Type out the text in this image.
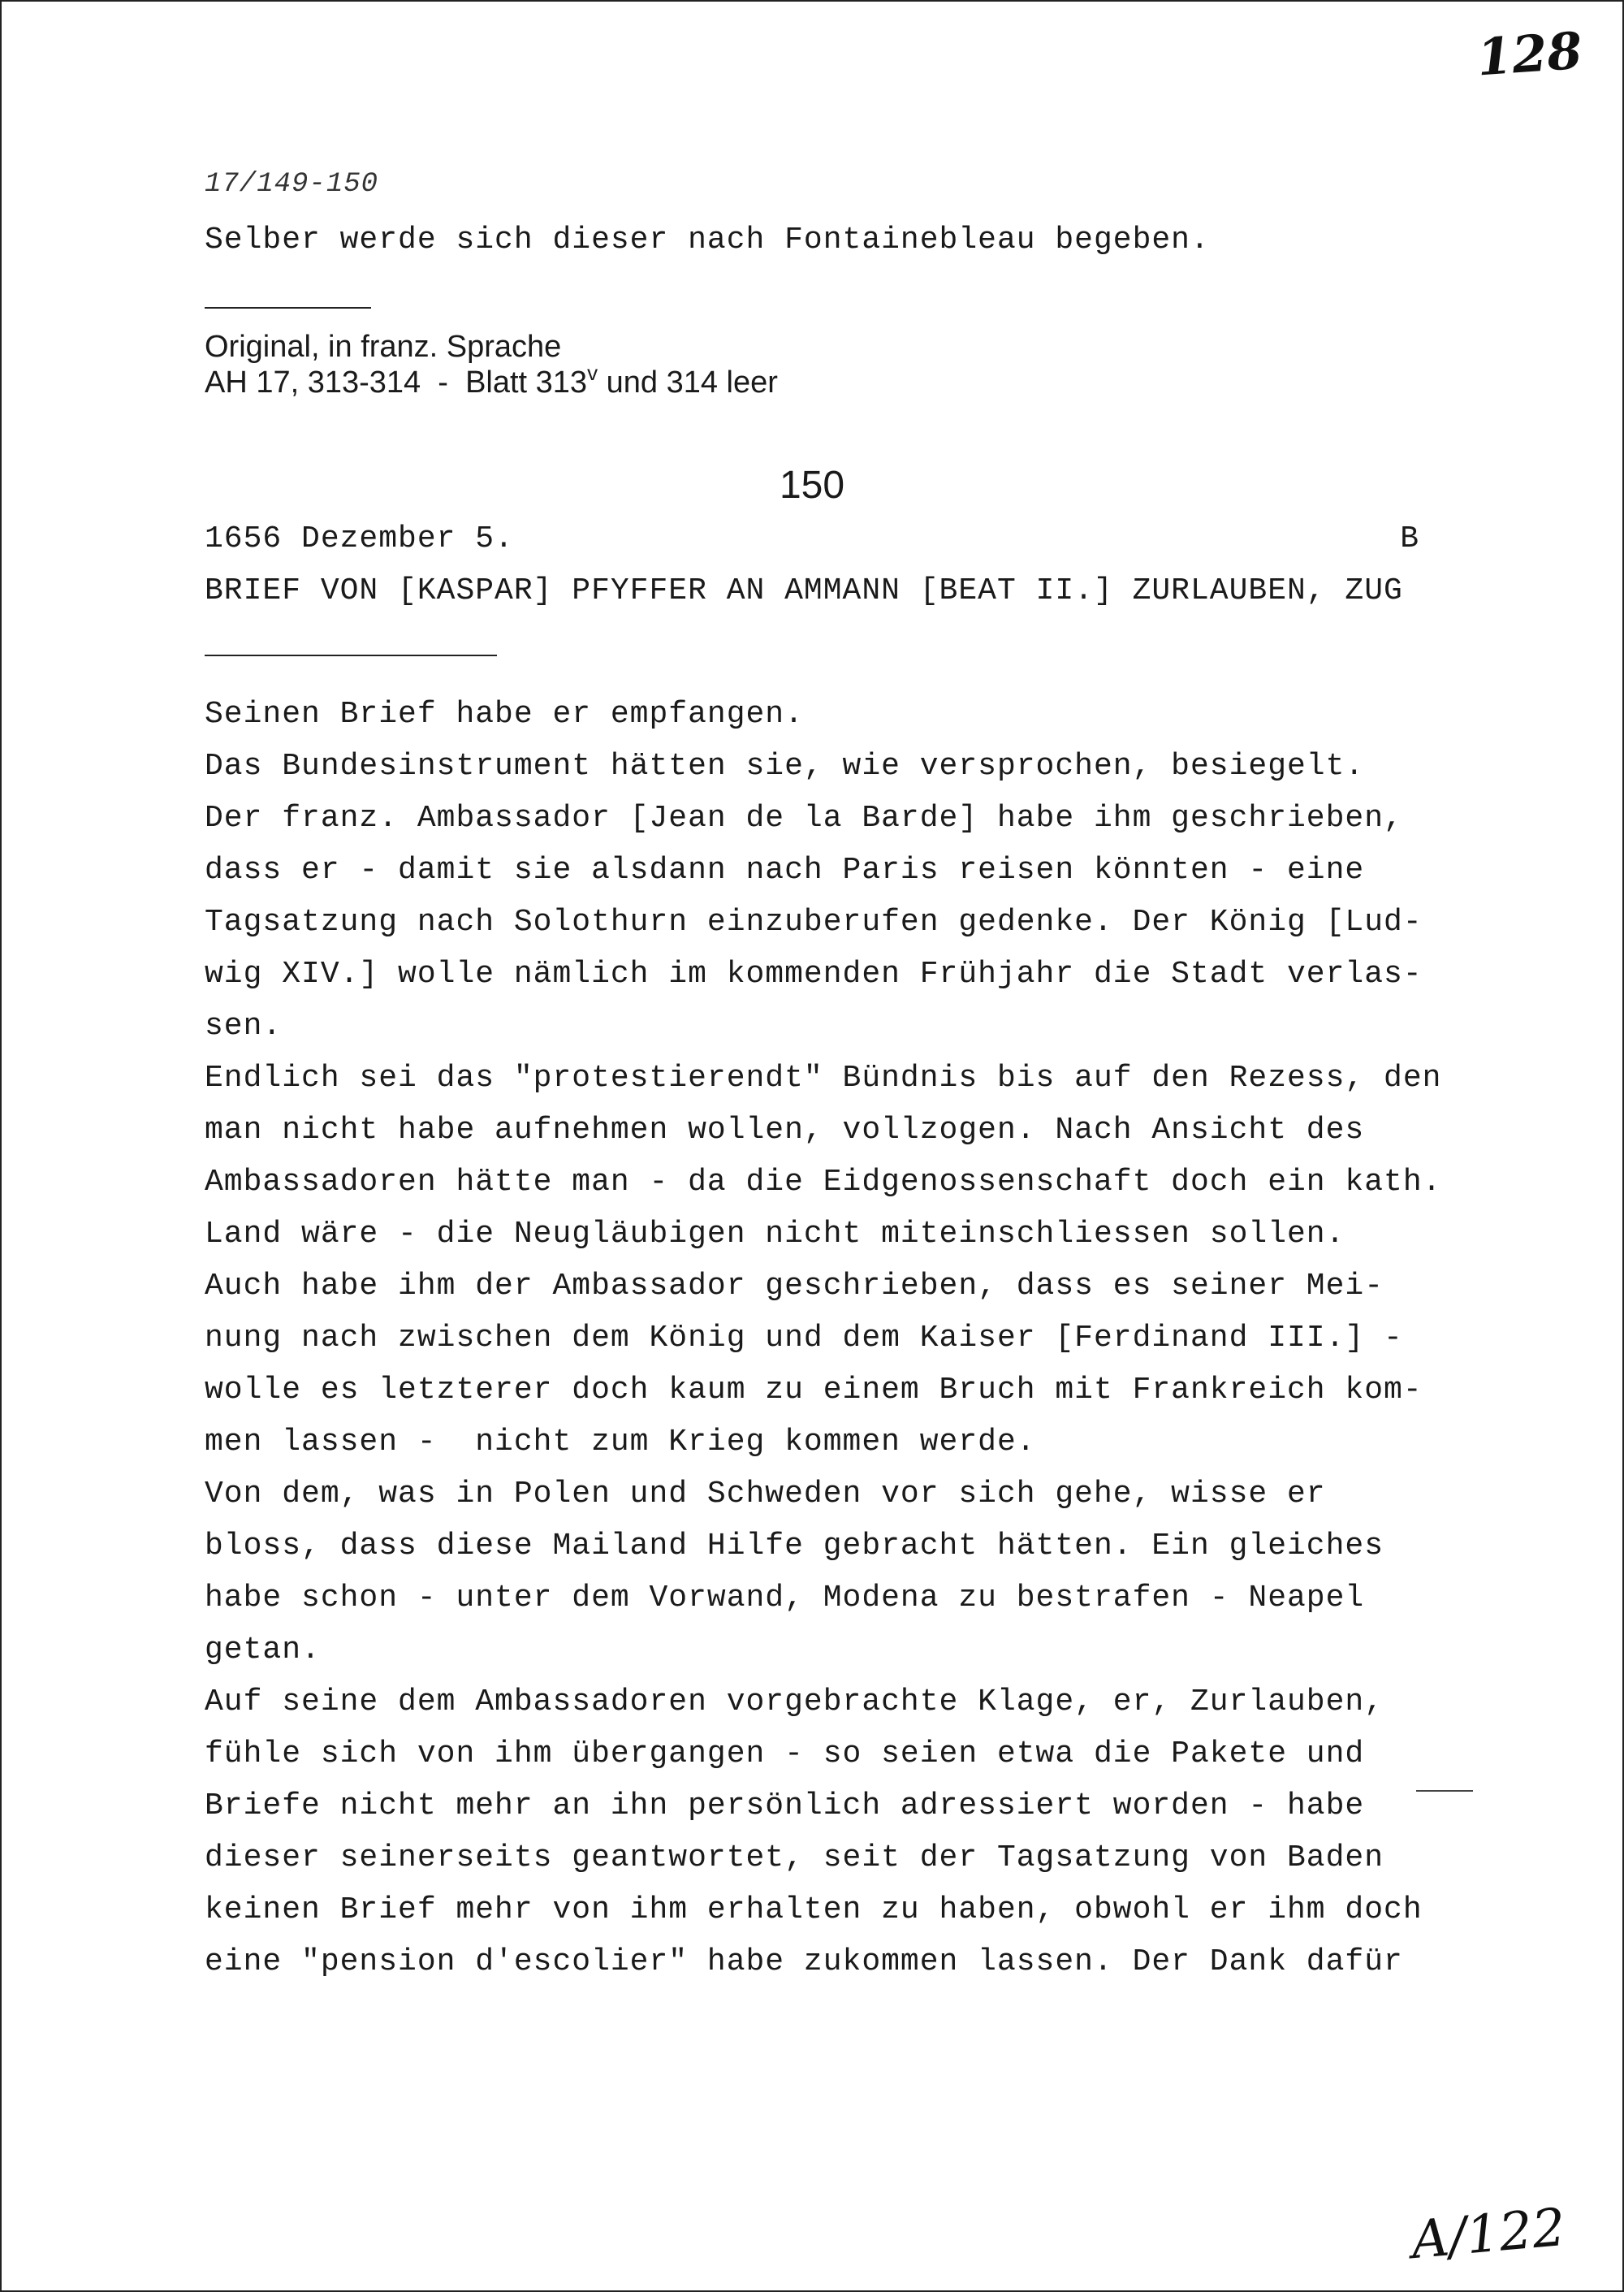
128
17/149-150
Selber werde sich dieser nach Fontainebleau begeben.
Original, in franz. Sprache
AH 17, 313-314  -  Blatt 313$^v$ und 314 leer
150
1656 Dezember 5.	B
BRIEF VON [KASPAR] PFYFFER AN AMMANN [BEAT II.] ZURLAUBEN, ZUG
Seinen Brief habe er empfangen.
Das Bundesinstrument hätten sie, wie versprochen, besiegelt.
Der franz. Ambassador [Jean de la Barde] habe ihm geschrieben,
dass er - damit sie alsdann nach Paris reisen könnten - eine
Tagsatzung nach Solothurn einzuberufen gedenke. Der König [Lud-
wig XIV.] wolle nämlich im kommenden Frühjahr die Stadt verlas-
sen.
Endlich sei das "protestierendt" Bündnis bis auf den Rezess, den
man nicht habe aufnehmen wollen, vollzogen. Nach Ansicht des
Ambassadoren hätte man - da die Eidgenossenschaft doch ein kath.
Land wäre - die Neugläubigen nicht miteinschliessen sollen.
Auch habe ihm der Ambassador geschrieben, dass es seiner Mei-
nung nach zwischen dem König und dem Kaiser [Ferdinand III.] -
wolle es letzterer doch kaum zu einem Bruch mit Frankreich kom-
men lassen -  nicht zum Krieg kommen werde.
Von dem, was in Polen und Schweden vor sich gehe, wisse er
bloss, dass diese Mailand Hilfe gebracht hätten. Ein gleiches
habe schon - unter dem Vorwand, Modena zu bestrafen - Neapel
getan.
Auf seine dem Ambassadoren vorgebrachte Klage, er, Zurlauben,
fühle sich von ihm übergangen - so seien etwa die Pakete und
Briefe nicht mehr an ihn persönlich adressiert worden - habe
dieser seinerseits geantwortet, seit der Tagsatzung von Baden
keinen Brief mehr von ihm erhalten zu haben, obwohl er ihm doch
eine "pension d'escolier" habe zukommen lassen. Der Dank dafür
A/122
